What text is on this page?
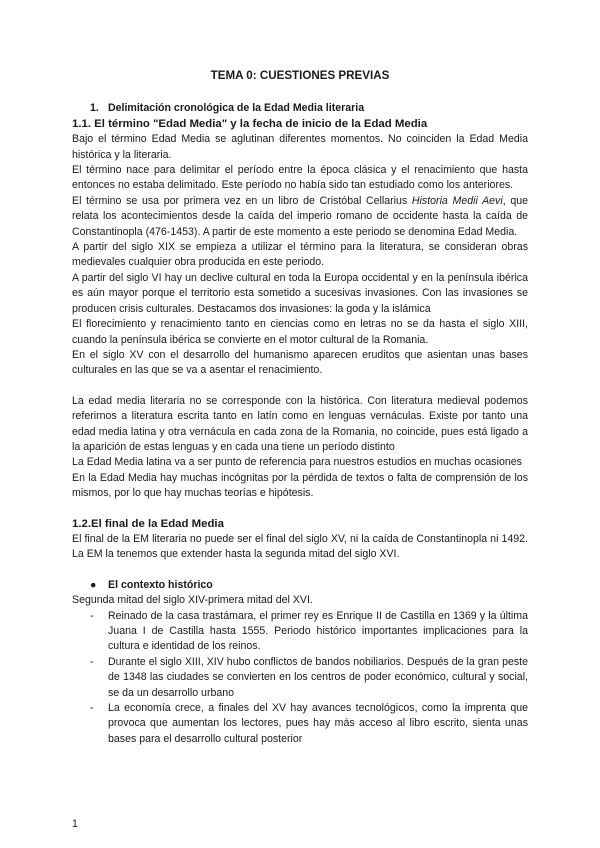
TEMA 0: CUESTIONES PREVIAS
1. Delimitación cronológica de la Edad Media literaria
1.1. El término "Edad Media" y la fecha de inicio de la Edad Media

Bajo el término Edad Media se aglutinan diferentes momentos. No coinciden la Edad Media histórica y la literaria.

El término nace para delimitar el período entre la época clásica y el renacimiento que hasta entonces no estaba delimitado. Este período no había sido tan estudiado como los anteriores.

El término se usa por primera vez en un libro de Cristóbal Cellarius Historia Medii Aevi, que relata los acontecimientos desde la caída del imperio romano de occidente hasta la caída de Constantinopla (476-1453). A partir de este momento a este periodo se denomina Edad Media.

A partir del siglo XIX se empieza a utilizar el término para la literatura, se consideran obras medievales cualquier obra producida en este periodo.

A partir del siglo VI hay un declive cultural en toda la Europa occidental y en la península ibérica es aún mayor porque el territorio esta sometido a sucesivas invasiones. Con las invasiones se producen crisis culturales. Destacamos dos invasiones: la goda y la islámica

El florecimiento y renacimiento tanto en ciencias como en letras no se da hasta el siglo XIII, cuando la península ibérica se convierte en el motor cultural de la Romania.

En el siglo XV con el desarrollo del humanismo aparecen eruditos que asientan unas bases culturales en las que se va a asentar el renacimiento.

La edad media literaria no se corresponde con la histórica. Con literatura medieval podemos referirnos a literatura escrita tanto en latín como en lenguas vernáculas. Existe por tanto una edad media latina y otra vernácula en cada zona de la Romania, no coincide, pues está ligado a la aparición de estas lenguas y en cada una tiene un período distinto

La Edad Media latina va a ser punto de referencia para nuestros estudios en muchas ocasiones

En la Edad Media hay muchas incógnitas por la pérdida de textos o falta de comprensión de los mismos, por lo que hay muchas teorías e hipótesis.

1.2.El final de la Edad Media

El final de la EM literaria no puede ser el final del siglo XV, ni la caída de Constantinopla ni 1492. La EM la tenemos que extender hasta la segunda mitad del siglo XVI.

●	El contexto histórico

Segunda mitad del siglo XIV-primera mitad del XVI.

-	Reinado de la casa trastámara, el primer rey es Enrique II de Castilla en 1369 y la última Juana I de Castilla hasta 1555. Periodo histórico importantes implicaciones para la cultura e identidad de los reinos.
-	Durante el siglo XIII, XIV hubo conflictos de bandos nobiliarios. Después de la gran peste de 1348 las ciudades se convierten en los centros de poder económico, cultural y social, se da un desarrollo urbano
-	La economía crece, a finales del XV hay avances tecnológicos, como la imprenta que provoca que aumentan los lectores, pues hay más acceso al libro escrito, sienta unas bases para el desarrollo cultural posterior
1
